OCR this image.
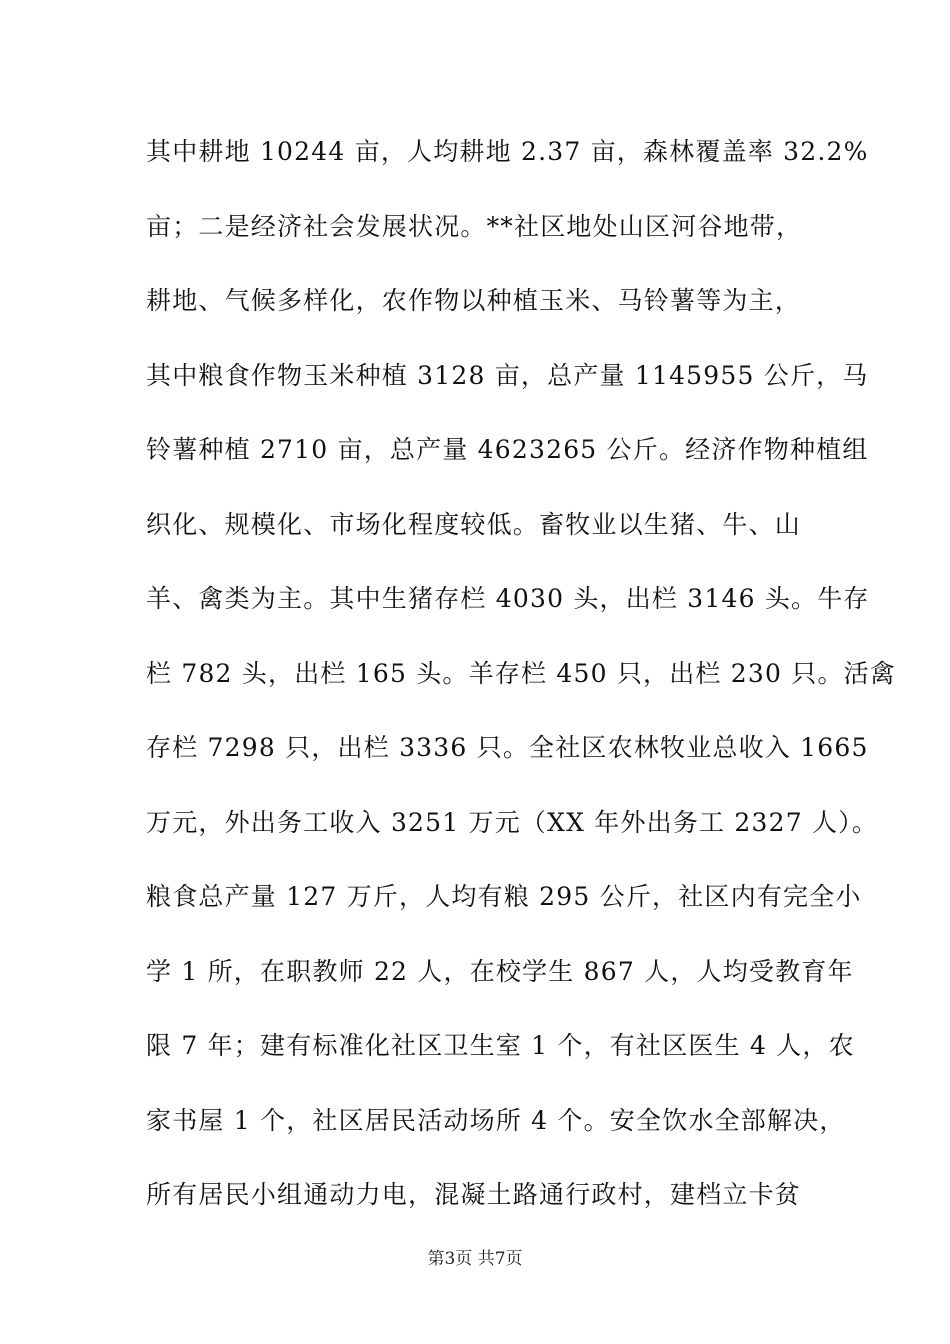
其中耕地 10244 亩，人均耕地 2.37 亩，森林覆盖率 32.2%
亩；二是经济社会发展状况。**社区地处山区河谷地带，
耕地、气候多样化，农作物以种植玉米、马铃薯等为主，
其中粮食作物玉米种植 3128 亩，总产量 1145955 公斤，马
铃薯种植 2710 亩，总产量 4623265 公斤。经济作物种植组
织化、规模化、市场化程度较低。畜牧业以生猪、牛、山
羊、禽类为主。其中生猪存栏 4030 头，出栏 3146 头。牛存
栏 782 头，出栏 165 头。羊存栏 450 只，出栏 230 只。活禽
存栏 7298 只，出栏 3336 只。全社区农林牧业总收入 1665
万元，外出务工收入 3251 万元（XX 年外出务工 2327 人）。
粮食总产量 127 万斤，人均有粮 295 公斤，社区内有完全小
学 1 所，在职教师 22 人，在校学生 867 人，人均受教育年
限 7 年；建有标准化社区卫生室 1 个，有社区医生 4 人，农
家书屋 1 个，社区居民活动场所 4 个。安全饮水全部解决，
所有居民小组通动力电，混凝土路通行政村，建档立卡贫
第3页 共7页
